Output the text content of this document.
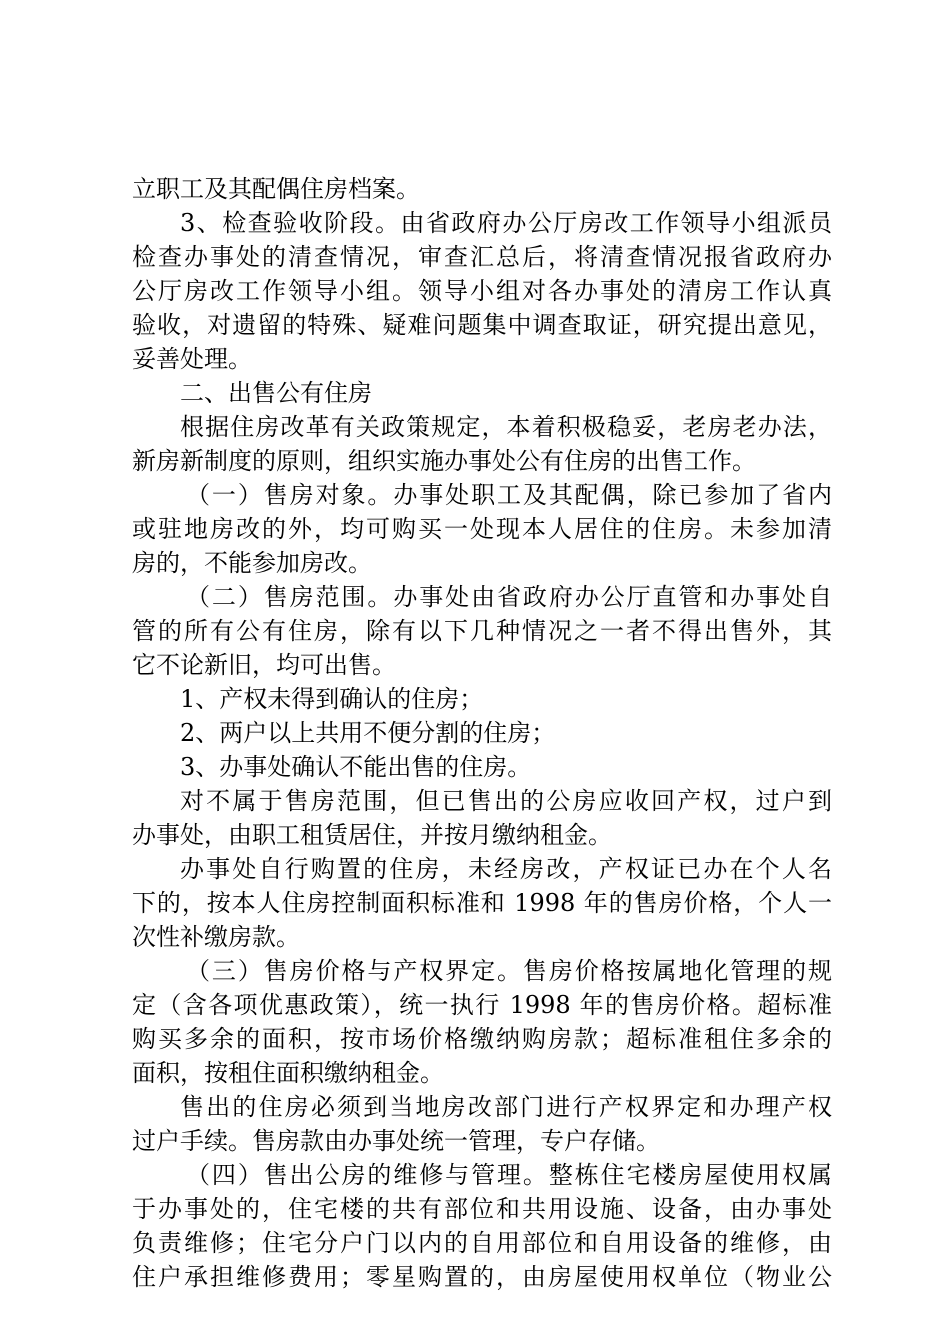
立职工及其配偶住房档案。
3、检查验收阶段。由省政府办公厅房改工作领导小组派员
检查办事处的清查情况，审查汇总后，将清查情况报省政府办
公厅房改工作领导小组。领导小组对各办事处的清房工作认真
验收，对遗留的特殊、疑难问题集中调查取证，研究提出意见，
妥善处理。
二、出售公有住房
根据住房改革有关政策规定，本着积极稳妥，老房老办法，
新房新制度的原则，组织实施办事处公有住房的出售工作。
（一）售房对象。办事处职工及其配偶，除已参加了省内
或驻地房改的外，均可购买一处现本人居住的住房。未参加清
房的，不能参加房改。
（二）售房范围。办事处由省政府办公厅直管和办事处自
管的所有公有住房，除有以下几种情况之一者不得出售外，其
它不论新旧，均可出售。
1、产权未得到确认的住房；
2、两户以上共用不便分割的住房；
3、办事处确认不能出售的住房。
对不属于售房范围，但已售出的公房应收回产权，过户到
办事处，由职工租赁居住，并按月缴纳租金。
办事处自行购置的住房，未经房改，产权证已办在个人名
下的，按本人住房控制面积标准和 1998 年的售房价格，个人一
次性补缴房款。
（三）售房价格与产权界定。售房价格按属地化管理的规
定（含各项优惠政策），统一执行 1998 年的售房价格。超标准
购买多余的面积，按市场价格缴纳购房款；超标准租住多余的
面积，按租住面积缴纳租金。
售出的住房必须到当地房改部门进行产权界定和办理产权
过户手续。售房款由办事处统一管理，专户存储。
（四）售出公房的维修与管理。整栋住宅楼房屋使用权属
于办事处的，住宅楼的共有部位和共用设施、设备，由办事处
负责维修；住宅分户门以内的自用部位和自用设备的维修，由
住户承担维修费用；零星购置的，由房屋使用权单位（物业公
